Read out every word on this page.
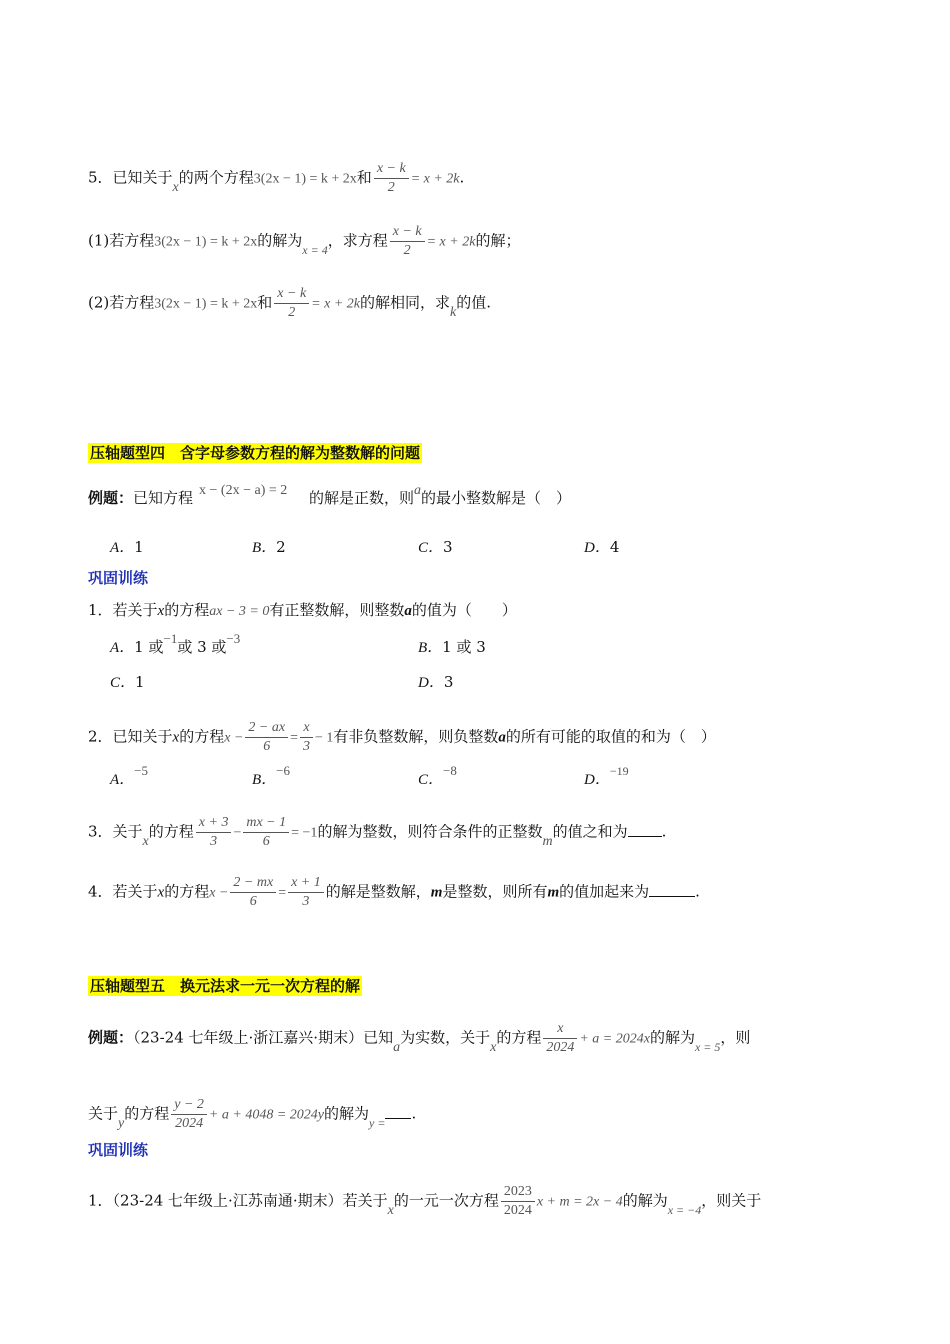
5．已知关于x的两个方程3(2x − 1) = k + 2x和 $\frac{x - k}{2} = x + 2k$.
(1)若方程3(2x − 1) = k + 2x的解为$_{x = 4}$，求方程 $\frac{x - k}{2} = x + 2k$的解；
(2)若方程3(2x − 1) = k + 2x和 $\frac{x - k}{2} = x + 2k$的解相同，求k的值.
压轴题型四　含字母参数方程的解为整数解的问题
例题：已知方程 x − (2x − a) = 2 的解是正数，则a的最小整数解是（　）
A．1	B．2	C．3	D．4
巩固训练
1．若关于x的方程ax − 3 = 0有正整数解，则整数a的值为（　　）
A．1 或−1或 3 或−3
B．1 或 3
C．1	D．3
2．已知关于x的方程$x - \frac{2 - ax}{6} = \frac{x}{3} - 1$有非负整数解，则负整数a的所有可能的取值的和为（　）
A．−5
B．−6
C．−8
D．$^{-19}$
3．关于x的方程 $\frac{x + 3}{3} - \frac{mx - 1}{6} = -1$的解为整数，则符合条件的正整数m的值之和为 .
4．若关于x的方程$x - \frac{2 - mx}{6} = \frac{x + 1}{3}$ 的解是整数解，m是整数，则所有m的值加起来为	.
压轴题型五　换元法求一元一次方程的解
例题：（23-24 七年级上·浙江嘉兴·期末）已知a为实数，关于x的方程 $\frac{x}{2024} + a = 2024x$的解为$_{x = 5}$，则
关于y的方程 $\frac{y - 2}{2024} + a + 4048 = 2024y$的解为$_{y =}$ .
巩固训练
1．（23-24 七年级上·江苏南通·期末）若关于x的一元一次方程 $\frac{2023}{2024}$ x + m = 2x − 4的解为$_{x = -4}$，则关于
